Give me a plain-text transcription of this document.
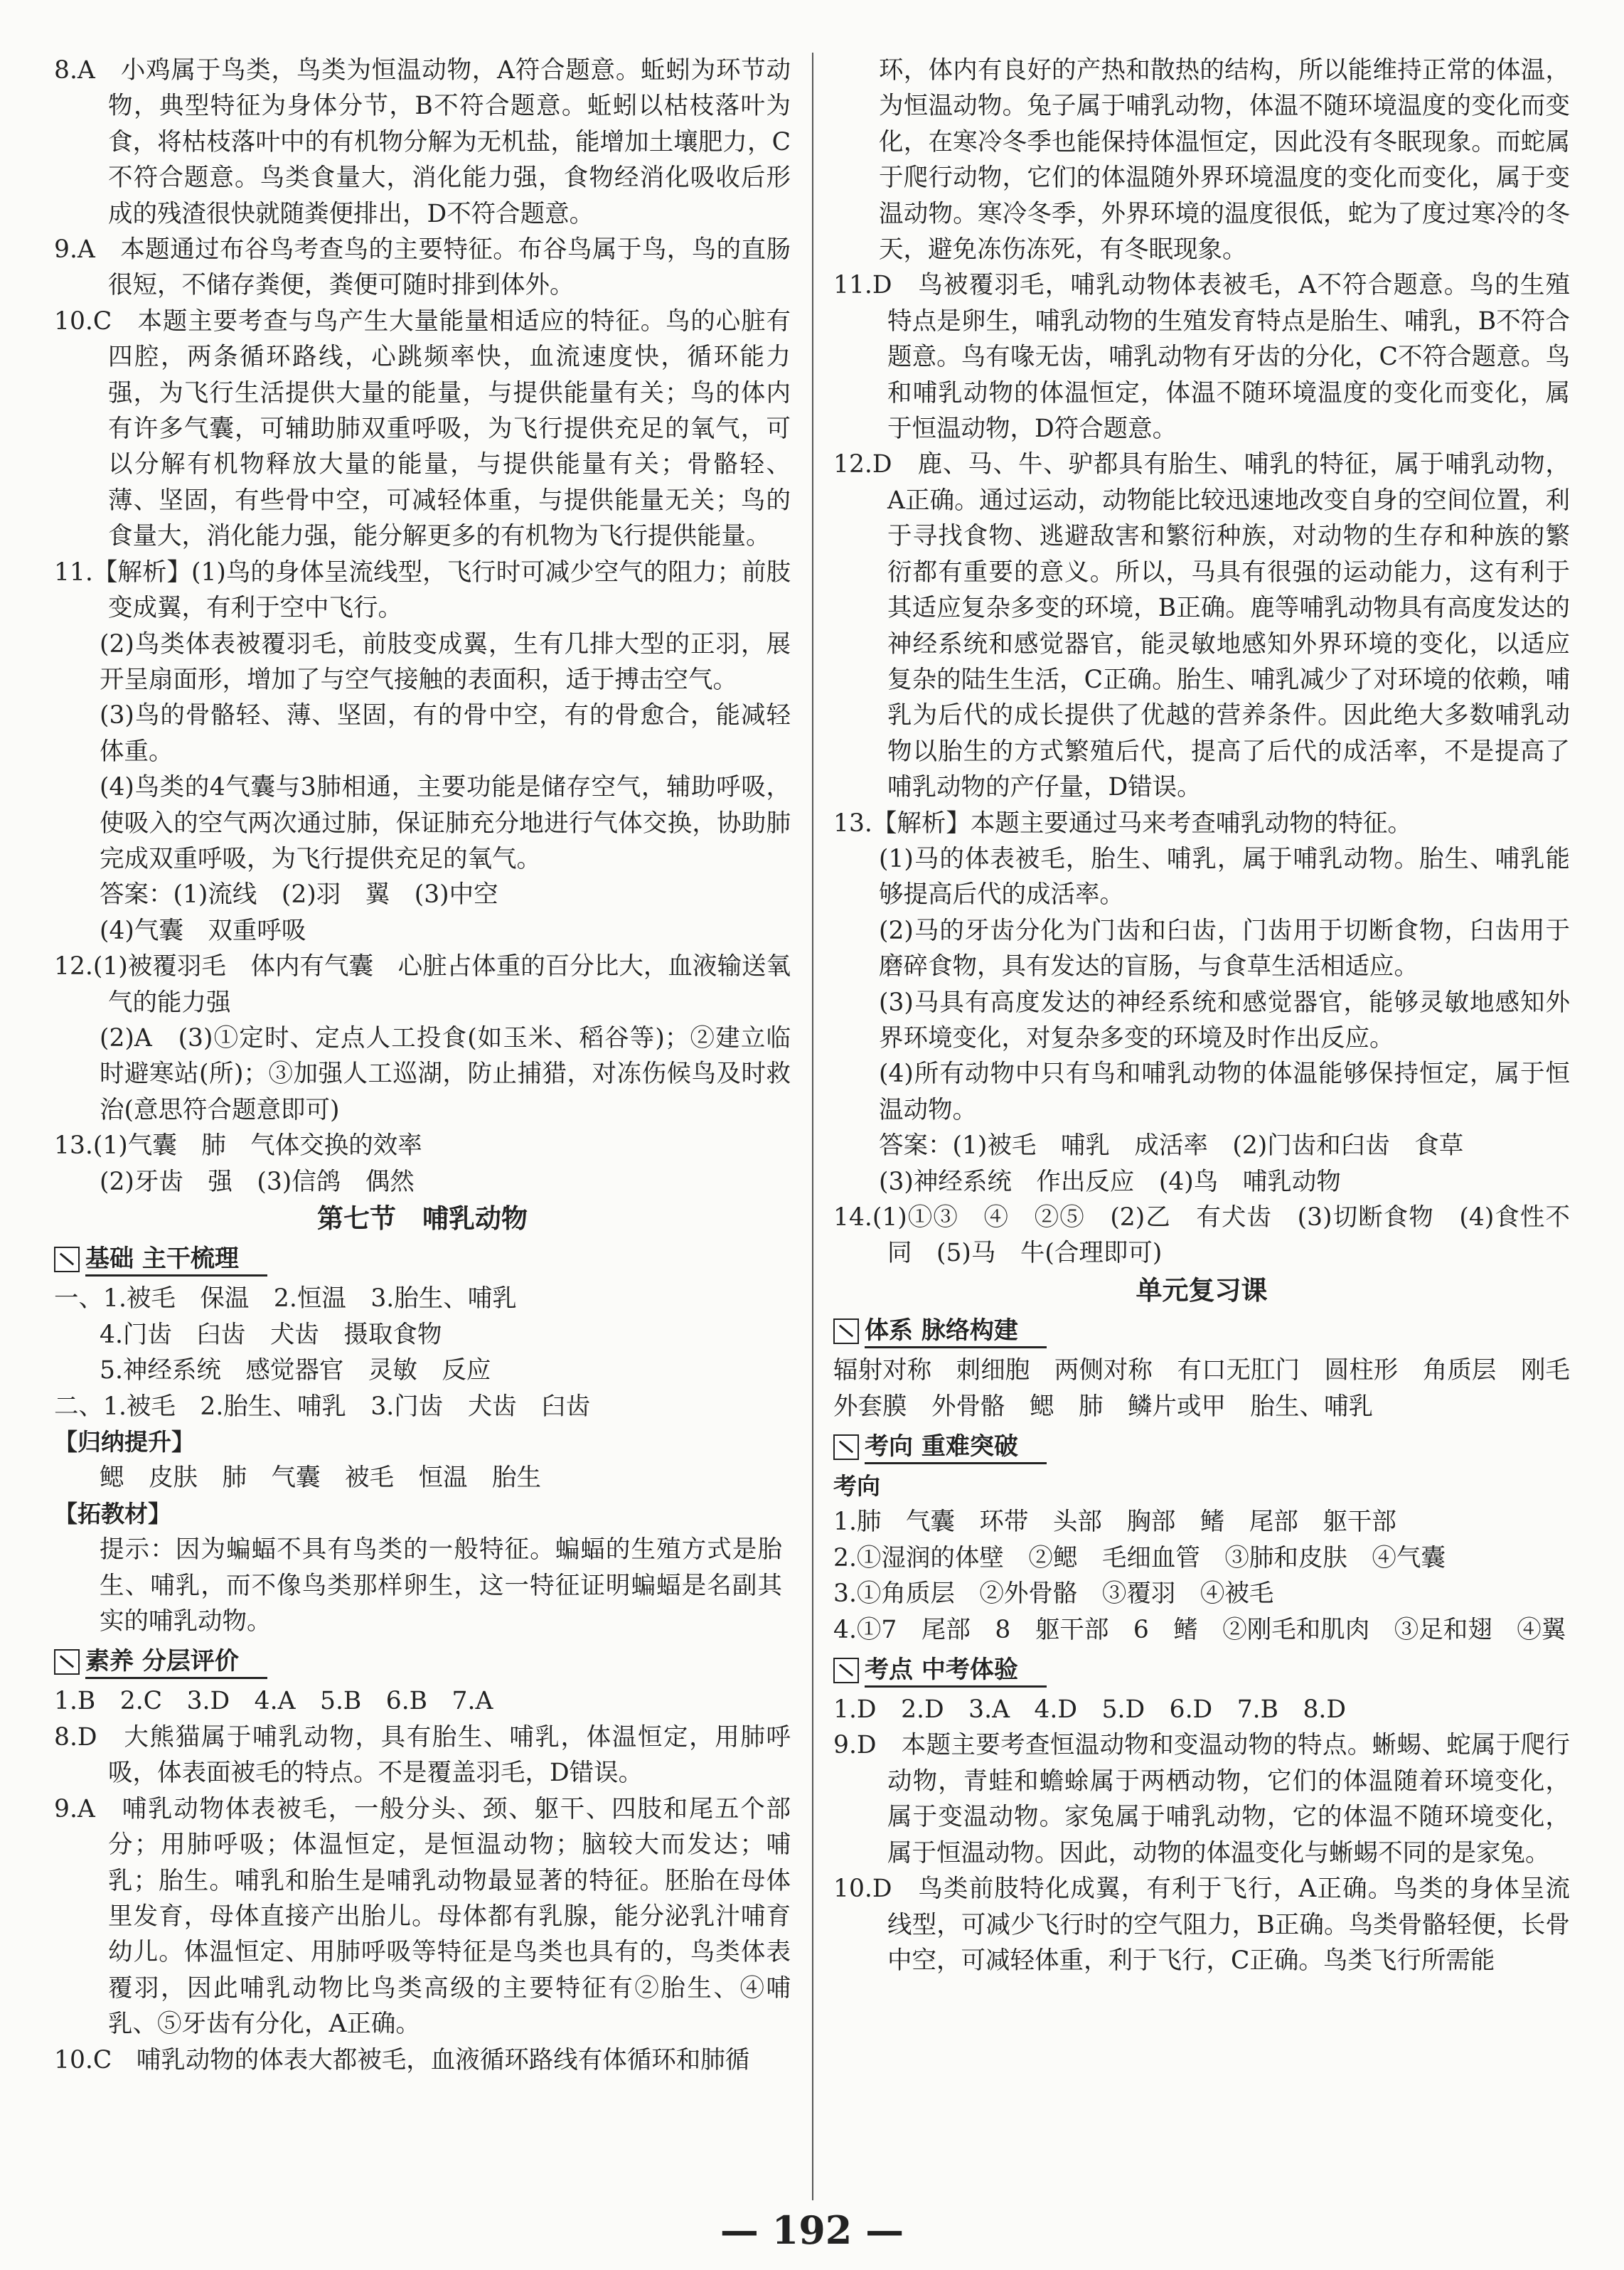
8.A　小鸡属于鸟类，鸟类为恒温动物，A符合题意。蚯蚓为环节动物，典型特征为身体分节，B不符合题意。蚯蚓以枯枝落叶为食，将枯枝落叶中的有机物分解为无机盐，能增加土壤肥力，C不符合题意。鸟类食量大，消化能力强，食物经消化吸收后形成的残渣很快就随粪便排出，D不符合题意。

9.A　本题通过布谷鸟考查鸟的主要特征。布谷鸟属于鸟，鸟的直肠很短，不储存粪便，粪便可随时排到体外。

10.C　本题主要考查与鸟产生大量能量相适应的特征。鸟的心脏有四腔，两条循环路线，心跳频率快，血流速度快，循环能力强，为飞行生活提供大量的能量，与提供能量有关；鸟的体内有许多气囊，可辅助肺双重呼吸，为飞行提供充足的氧气，可以分解有机物释放大量的能量，与提供能量有关；骨骼轻、薄、坚固，有些骨中空，可减轻体重，与提供能量无关；鸟的食量大，消化能力强，能分解更多的有机物为飞行提供能量。

11.【解析】(1)鸟的身体呈流线型，飞行时可减少空气的阻力；前肢变成翼，有利于空中飞行。

(2)鸟类体表被覆羽毛，前肢变成翼，生有几排大型的正羽，展开呈扇面形，增加了与空气接触的表面积，适于搏击空气。

(3)鸟的骨骼轻、薄、坚固，有的骨中空，有的骨愈合，能减轻体重。

(4)鸟类的4气囊与3肺相通，主要功能是储存空气，辅助呼吸，使吸入的空气两次通过肺，保证肺充分地进行气体交换，协助肺完成双重呼吸，为飞行提供充足的氧气。

答案：(1)流线　(2)羽　翼　(3)中空

(4)气囊　双重呼吸

12.(1)被覆羽毛　体内有气囊　心脏占体重的百分比大，血液输送氧气的能力强

(2)A　(3)①定时、定点人工投食(如玉米、稻谷等)；②建立临时避寒站(所)；③加强人工巡湖，防止捕猎，对冻伤候鸟及时救治(意思符合题意即可)

13.(1)气囊　肺　气体交换的效率

(2)牙齿　强　(3)信鸽　偶然

第七节　哺乳动物
基础 主干梳理

一、1.被毛　保温　2.恒温　3.胎生、哺乳

4.门齿　臼齿　犬齿　摄取食物

5.神经系统　感觉器官　灵敏　反应

二、1.被毛　2.胎生、哺乳　3.门齿　犬齿　臼齿

【归纳提升】

鳃　皮肤　肺　气囊　被毛　恒温　胎生

【拓教材】

提示：因为蝙蝠不具有鸟类的一般特征。蝙蝠的生殖方式是胎生、哺乳，而不像鸟类那样卵生，这一特征证明蝙蝠是名副其实的哺乳动物。

素养 分层评价

1.B　2.C　3.D　4.A　5.B　6.B　7.A

8.D　大熊猫属于哺乳动物，具有胎生、哺乳，体温恒定，用肺呼吸，体表面被毛的特点。不是覆盖羽毛，D错误。

9.A　哺乳动物体表被毛，一般分头、颈、躯干、四肢和尾五个部分；用肺呼吸；体温恒定，是恒温动物；脑较大而发达；哺乳；胎生。哺乳和胎生是哺乳动物最显著的特征。胚胎在母体里发育，母体直接产出胎儿。母体都有乳腺，能分泌乳汁哺育幼儿。体温恒定、用肺呼吸等特征是鸟类也具有的，鸟类体表覆羽，因此哺乳动物比鸟类高级的主要特征有②胎生、④哺乳、⑤牙齿有分化，A正确。

10.C　哺乳动物的体表大都被毛，血液循环路线有体循环和肺循

环，体内有良好的产热和散热的结构，所以能维持正常的体温，为恒温动物。兔子属于哺乳动物，体温不随环境温度的变化而变化，在寒冷冬季也能保持体温恒定，因此没有冬眠现象。而蛇属于爬行动物，它们的体温随外界环境温度的变化而变化，属于变温动物。寒冷冬季，外界环境的温度很低，蛇为了度过寒冷的冬天，避免冻伤冻死，有冬眠现象。

11.D　鸟被覆羽毛，哺乳动物体表被毛，A不符合题意。鸟的生殖特点是卵生，哺乳动物的生殖发育特点是胎生、哺乳，B不符合题意。鸟有喙无齿，哺乳动物有牙齿的分化，C不符合题意。鸟和哺乳动物的体温恒定，体温不随环境温度的变化而变化，属于恒温动物，D符合题意。

12.D　鹿、马、牛、驴都具有胎生、哺乳的特征，属于哺乳动物，A正确。通过运动，动物能比较迅速地改变自身的空间位置，利于寻找食物、逃避敌害和繁衍种族，对动物的生存和种族的繁衍都有重要的意义。所以，马具有很强的运动能力，这有利于其适应复杂多变的环境，B正确。鹿等哺乳动物具有高度发达的神经系统和感觉器官，能灵敏地感知外界环境的变化，以适应复杂的陆生生活，C正确。胎生、哺乳减少了对环境的依赖，哺乳为后代的成长提供了优越的营养条件。因此绝大多数哺乳动物以胎生的方式繁殖后代，提高了后代的成活率，不是提高了哺乳动物的产仔量，D错误。

13.【解析】本题主要通过马来考查哺乳动物的特征。

(1)马的体表被毛，胎生、哺乳，属于哺乳动物。胎生、哺乳能够提高后代的成活率。

(2)马的牙齿分化为门齿和臼齿，门齿用于切断食物，臼齿用于磨碎食物，具有发达的盲肠，与食草生活相适应。

(3)马具有高度发达的神经系统和感觉器官，能够灵敏地感知外界环境变化，对复杂多变的环境及时作出反应。

(4)所有动物中只有鸟和哺乳动物的体温能够保持恒定，属于恒温动物。

答案：(1)被毛　哺乳　成活率　(2)门齿和臼齿　食草

(3)神经系统　作出反应　(4)鸟　哺乳动物

14.(1)①③　④　②⑤　(2)乙　有犬齿　(3)切断食物　(4)食性不同　(5)马　牛(合理即可)

单元复习课
体系 脉络构建

辐射对称　刺细胞　两侧对称　有口无肛门　圆柱形　角质层　刚毛　外套膜　外骨骼　鳃　肺　鳞片或甲　胎生、哺乳

考向 重难突破
考向

1.肺　气囊　环带　头部　胸部　鳍　尾部　躯干部

2.①湿润的体壁　②鳃　毛细血管　③肺和皮肤　④气囊

3.①角质层　②外骨骼　③覆羽　④被毛

4.①7　尾部　8　躯干部　6　鳍　②刚毛和肌肉　③足和翅　④翼

考点 中考体验

1.D　2.D　3.A　4.D　5.D　6.D　7.B　8.D

9.D　本题主要考查恒温动物和变温动物的特点。蜥蜴、蛇属于爬行动物，青蛙和蟾蜍属于两栖动物，它们的体温随着环境变化，属于变温动物。家兔属于哺乳动物，它的体温不随环境变化，属于恒温动物。因此，动物的体温变化与蜥蜴不同的是家兔。

10.D　鸟类前肢特化成翼，有利于飞行，A正确。鸟类的身体呈流线型，可减少飞行时的空气阻力，B正确。鸟类骨骼轻便，长骨中空，可减轻体重，利于飞行，C正确。鸟类飞行所需能

— 192 —
